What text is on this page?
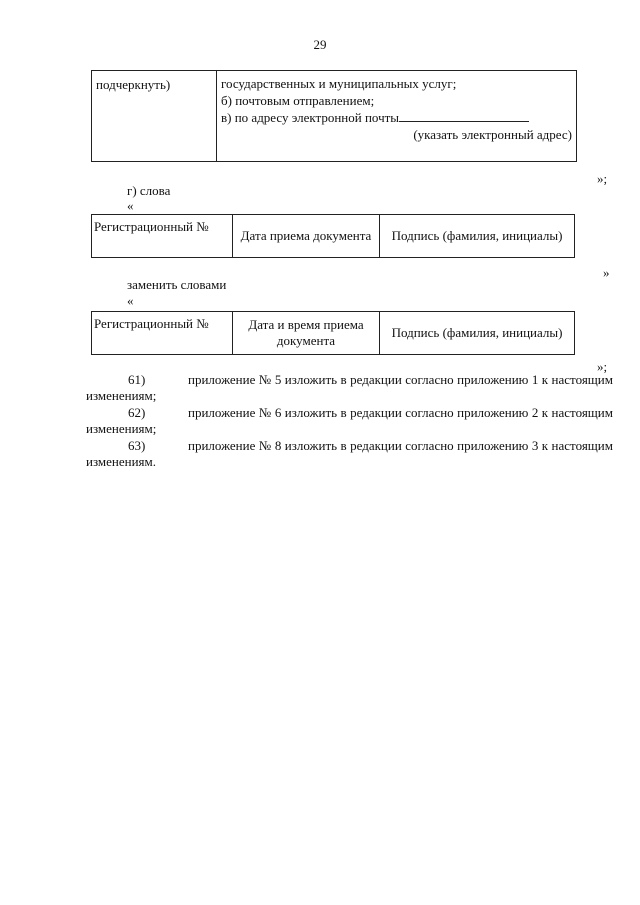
29
подчеркнуть)	государственных и муниципальных услуг;
б) почтовым отправлением;
в) по адресу электронной почты
(указать электронный адрес)
»;
г) слова
«
Регистрационный №	Дата приема документа	Подпись (фамилия, инициалы)
»
заменить словами
«
Регистрационный №	Дата и время приема документа	Подпись (фамилия, инициалы)
»;
61)	приложение № 5 изложить в редакции согласно приложению 1 к настоящим изменениям;
62)	приложение № 6 изложить в редакции согласно приложению 2 к настоящим изменениям;
63)	приложение № 8 изложить в редакции согласно приложению 3 к настоящим изменениям.
